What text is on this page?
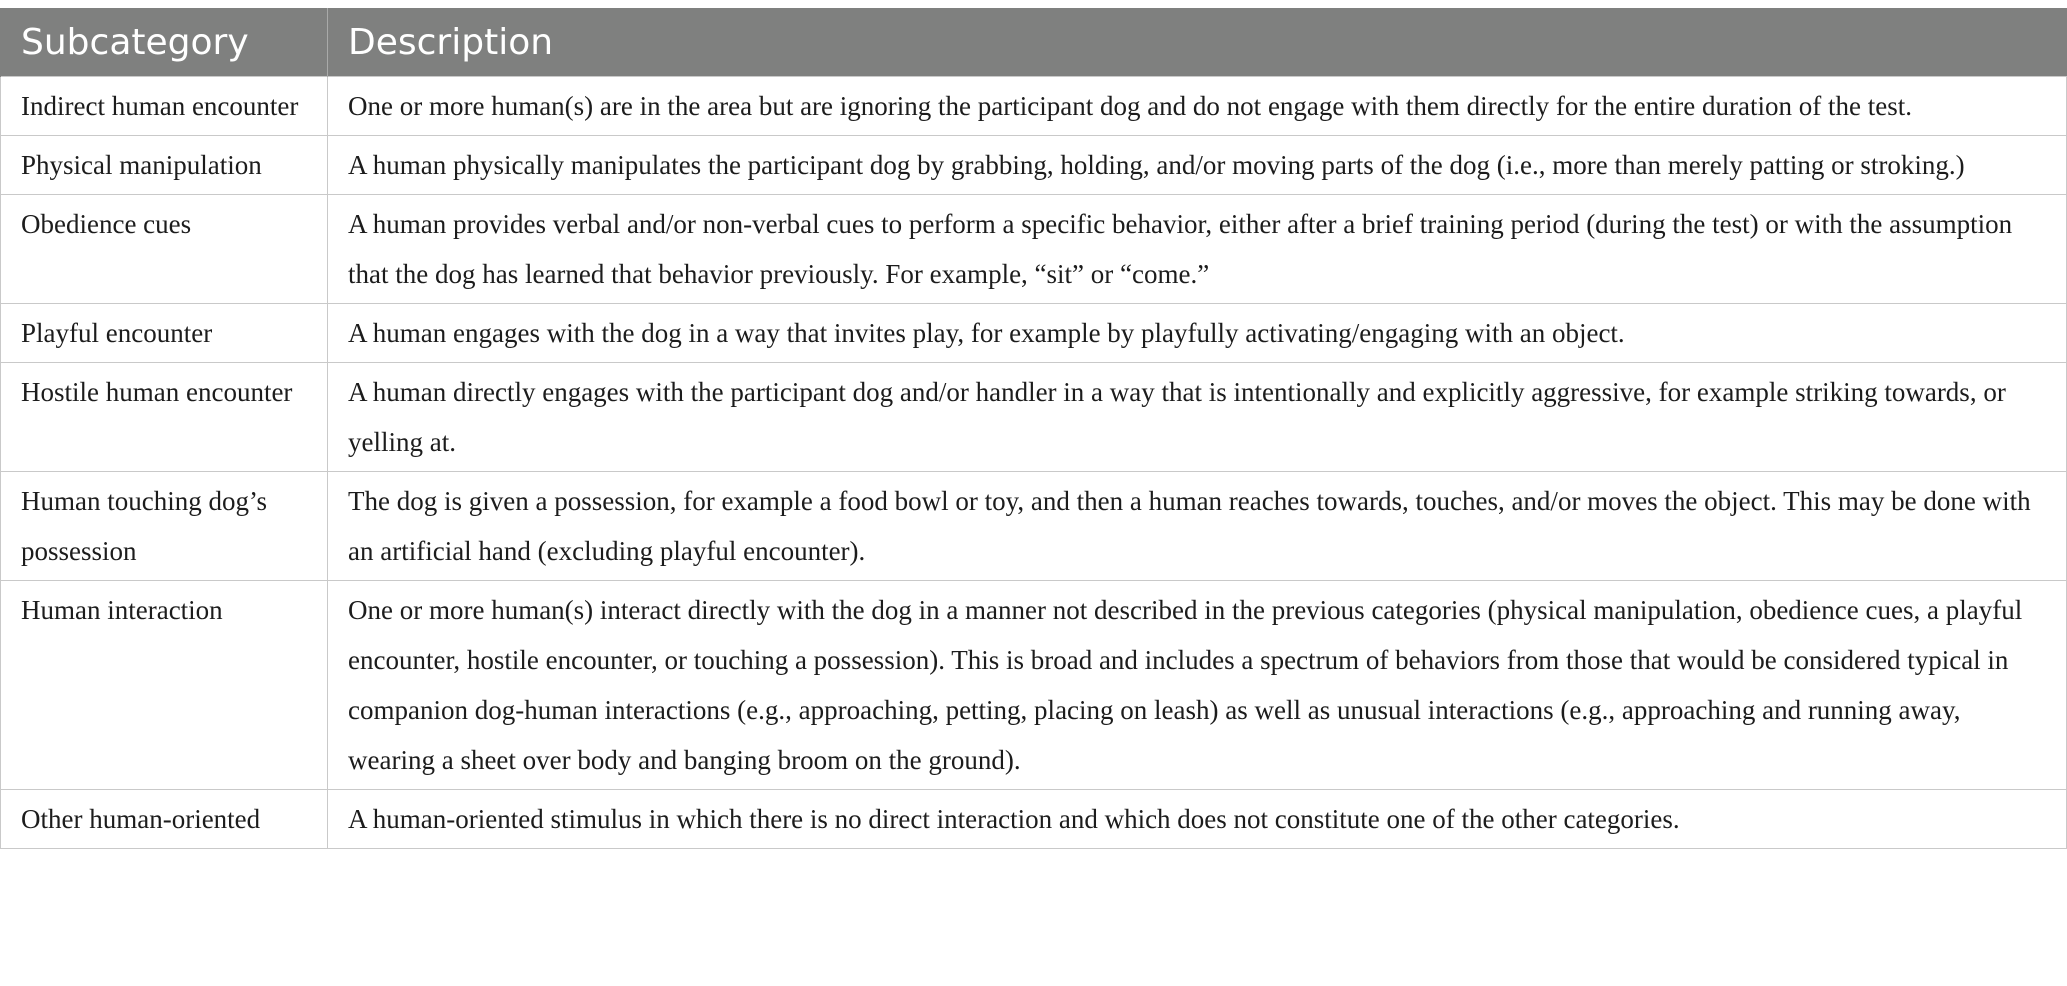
Subcategory	Description
Indirect human encounter	One or more human(s) are in the area but are ignoring the participant dog and do not engage with them directly for the entire duration of the test.
Physical manipulation	A human physically manipulates the participant dog by grabbing, holding, and/or moving parts of the dog (i.e., more than merely patting or stroking.)
Obedience cues	A human provides verbal and/or non-verbal cues to perform a specific behavior, either after a brief training period (during the test) or with the assumption that the dog has learned that behavior previously. For example, “sit” or “come.”
Playful encounter	A human engages with the dog in a way that invites play, for example by playfully activating/engaging with an object.
Hostile human encounter	A human directly engages with the participant dog and/or handler in a way that is intentionally and explicitly aggressive, for example striking towards, or yelling at.
Human touching dog’s possession	The dog is given a possession, for example a food bowl or toy, and then a human reaches towards, touches, and/or moves the object. This may be done with an artificial hand (excluding playful encounter).
Human interaction	One or more human(s) interact directly with the dog in a manner not described in the previous categories (physical manipulation, obedience cues, a playful encounter, hostile encounter, or touching a possession). This is broad and includes a spectrum of behaviors from those that would be considered typical in companion dog-human interactions (e.g., approaching, petting, placing on leash) as well as unusual interactions (e.g., approaching and running away, wearing a sheet over body and banging broom on the ground).
Other human-oriented	A human-oriented stimulus in which there is no direct interaction and which does not constitute one of the other categories.
